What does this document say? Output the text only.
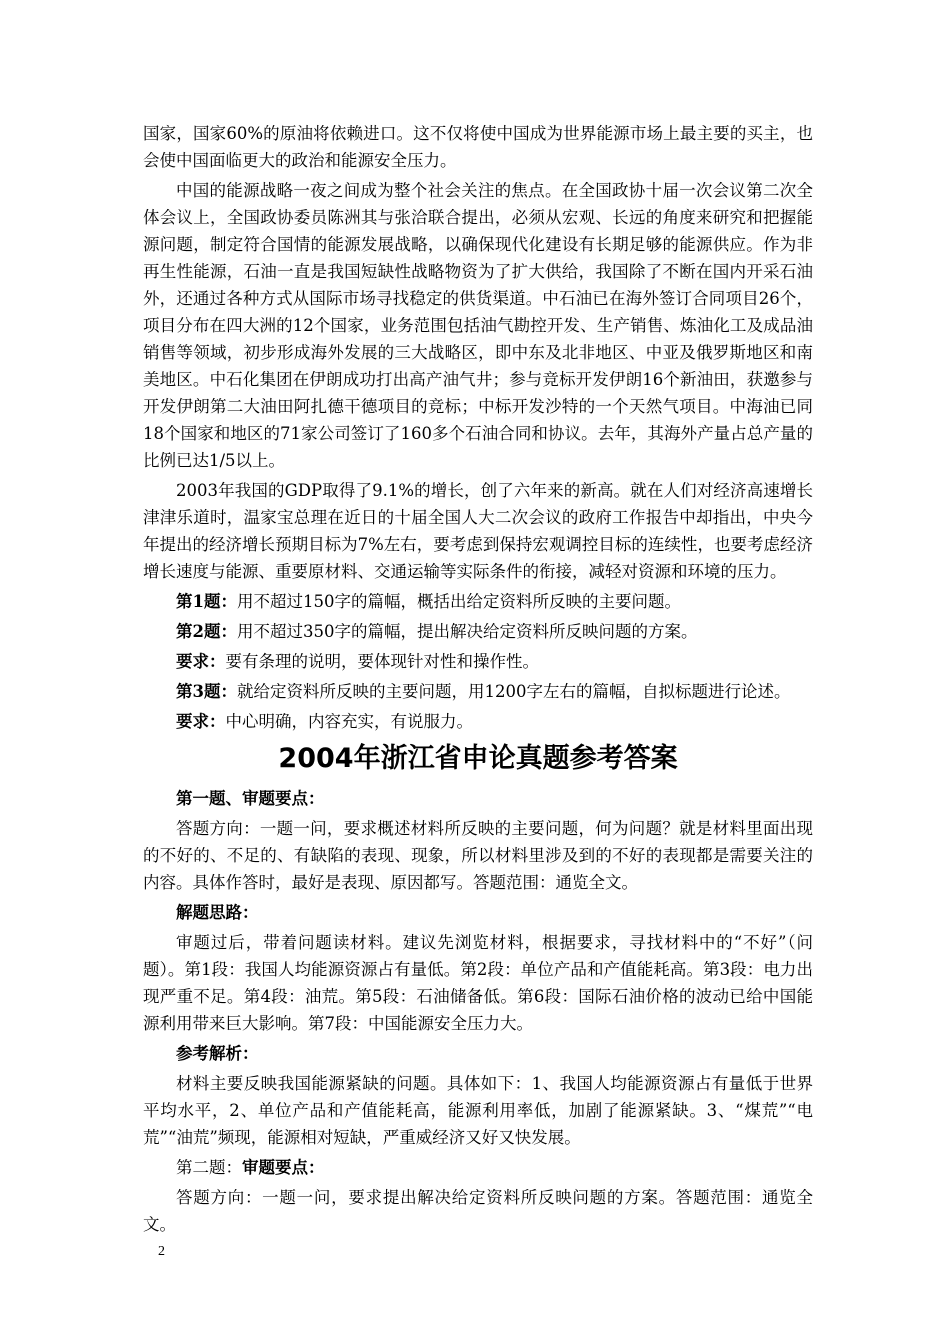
国家，国家60%的原油将依赖进口。这不仅将使中国成为世界能源市场上最主要的买主，也会使中国面临更大的政治和能源安全压力。

中国的能源战略一夜之间成为整个社会关注的焦点。在全国政协十届一次会议第二次全体会议上，全国政协委员陈洲其与张洽联合提出，必须从宏观、长远的角度来研究和把握能源问题，制定符合国情的能源发展战略，以确保现代化建设有长期足够的能源供应。作为非再生性能源，石油一直是我国短缺性战略物资为了扩大供给，我国除了不断在国内开采石油外，还通过各种方式从国际市场寻找稳定的供货渠道。中石油已在海外签订合同项目26个，项目分布在四大洲的12个国家，业务范围包括油气勘控开发、生产销售、炼油化工及成品油销售等领域，初步形成海外发展的三大战略区，即中东及北非地区、中亚及俄罗斯地区和南美地区。中石化集团在伊朗成功打出高产油气井；参与竞标开发伊朗16个新油田，获邀参与开发伊朗第二大油田阿扎德干德项目的竞标；中标开发沙特的一个天然气项目。中海油已同18个国家和地区的71家公司签订了160多个石油合同和协议。去年，其海外产量占总产量的比例已达1/5以上。

2003年我国的GDP取得了9.1%的增长，创了六年来的新高。就在人们对经济高速增长津津乐道时，温家宝总理在近日的十届全国人大二次会议的政府工作报告中却指出，中央今年提出的经济增长预期目标为7%左右，要考虑到保持宏观调控目标的连续性，也要考虑经济增长速度与能源、重要原材料、交通运输等实际条件的衔接，减轻对资源和环境的压力。

第1题：用不超过150字的篇幅，概括出给定资料所反映的主要问题。

第2题：用不超过350字的篇幅，提出解决给定资料所反映问题的方案。

要求：要有条理的说明，要体现针对性和操作性。

第3题：就给定资料所反映的主要问题，用1200字左右的篇幅，自拟标题进行论述。

要求：中心明确，内容充实，有说服力。

2004年浙江省申论真题参考答案

第一题、审题要点：

答题方向：一题一问，要求概述材料所反映的主要问题，何为问题？就是材料里面出现的不好的、不足的、有缺陷的表现、现象，所以材料里涉及到的不好的表现都是需要关注的内容。具体作答时，最好是表现、原因都写。答题范围：通览全文。

解题思路：

审题过后，带着问题读材料。建议先浏览材料，根据要求，寻找材料中的“不好”（问题）。第1段：我国人均能源资源占有量低。第2段：单位产品和产值能耗高。第3段：电力出现严重不足。第4段：油荒。第5段：石油储备低。第6段：国际石油价格的波动已给中国能源利用带来巨大影响。第7段：中国能源安全压力大。

参考解析：

材料主要反映我国能源紧缺的问题。具体如下：1、我国人均能源资源占有量低于世界平均水平，2、单位产品和产值能耗高，能源利用率低，加剧了能源紧缺。3、“煤荒”“电荒”“油荒”频现，能源相对短缺，严重威经济又好又快发展。

第二题：审题要点：

答题方向：一题一问，要求提出解决给定资料所反映问题的方案。答题范围：通览全文。

2
